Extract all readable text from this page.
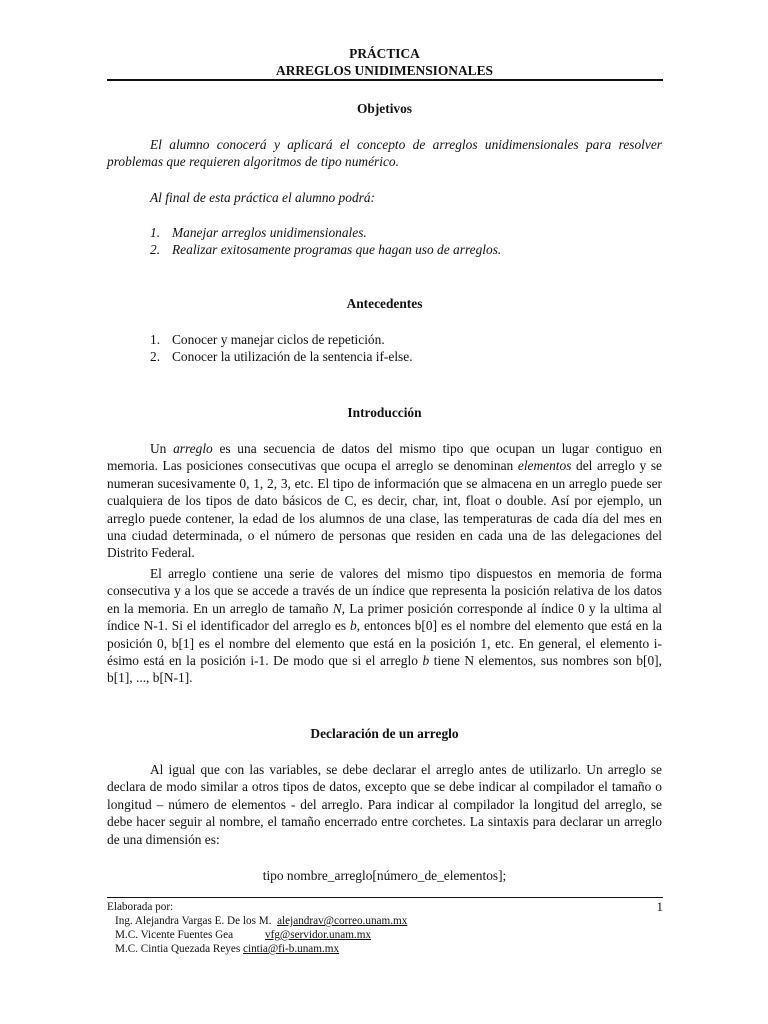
PRÁCTICA
ARREGLOS UNIDIMENSIONALES
Objetivos
El alumno conocerá y aplicará el concepto de arreglos unidimensionales para resolver problemas que requieren algoritmos de tipo numérico.
Al final de esta práctica el alumno podrá:
1. Manejar arreglos unidimensionales.
2. Realizar exitosamente programas que hagan uso de arreglos.
Antecedentes
1. Conocer y manejar ciclos de repetición.
2. Conocer la utilización de la sentencia if-else.
Introducción
Un arreglo es una secuencia de datos del mismo tipo que ocupan un lugar contiguo en memoria. Las posiciones consecutivas que ocupa el arreglo se denominan elementos del arreglo y se numeran sucesivamente 0, 1, 2, 3, etc. El tipo de información que se almacena en un arreglo puede ser cualquiera de los tipos de dato básicos de C, es decir, char, int, float o double. Así por ejemplo, un arreglo puede contener, la edad de los alumnos de una clase, las temperaturas de cada día del mes en una ciudad determinada, o el número de personas que residen en cada una de las delegaciones del Distrito Federal.
El arreglo contiene una serie de valores del mismo tipo dispuestos en memoria de forma consecutiva y a los que se accede a través de un índice que representa la posición relativa de los datos en la memoria. En un arreglo de tamaño N, La primer posición corresponde al índice 0 y la ultima al índice N-1. Si el identificador del arreglo es b, entonces b[0] es el nombre del elemento que está en la posición 0, b[1] es el nombre del elemento que está en la posición 1, etc. En general, el elemento i-ésimo está en la posición i-1. De modo que si el arreglo b tiene N elementos, sus nombres son b[0], b[1], ..., b[N-1].
Declaración de un arreglo
Al igual que con las variables, se debe declarar el arreglo antes de utilizarlo. Un arreglo se declara de modo similar a otros tipos de datos, excepto que se debe indicar al compilador el tamaño o longitud – número de elementos - del arreglo. Para indicar al compilador la longitud del arreglo, se debe hacer seguir al nombre, el tamaño encerrado entre corchetes. La sintaxis para declarar un arreglo de una dimensión es:
tipo nombre_arreglo[número_de_elementos];
Elaborada por:	1
Ing. Alejandra Vargas E. De los M. alejandrav@correo.unam.mx
M.C. Vicente Fuentes Gea	vfg@servidor.unam.mx
M.C. Cintia Quezada Reyes cintia@fi-b.unam.mx
